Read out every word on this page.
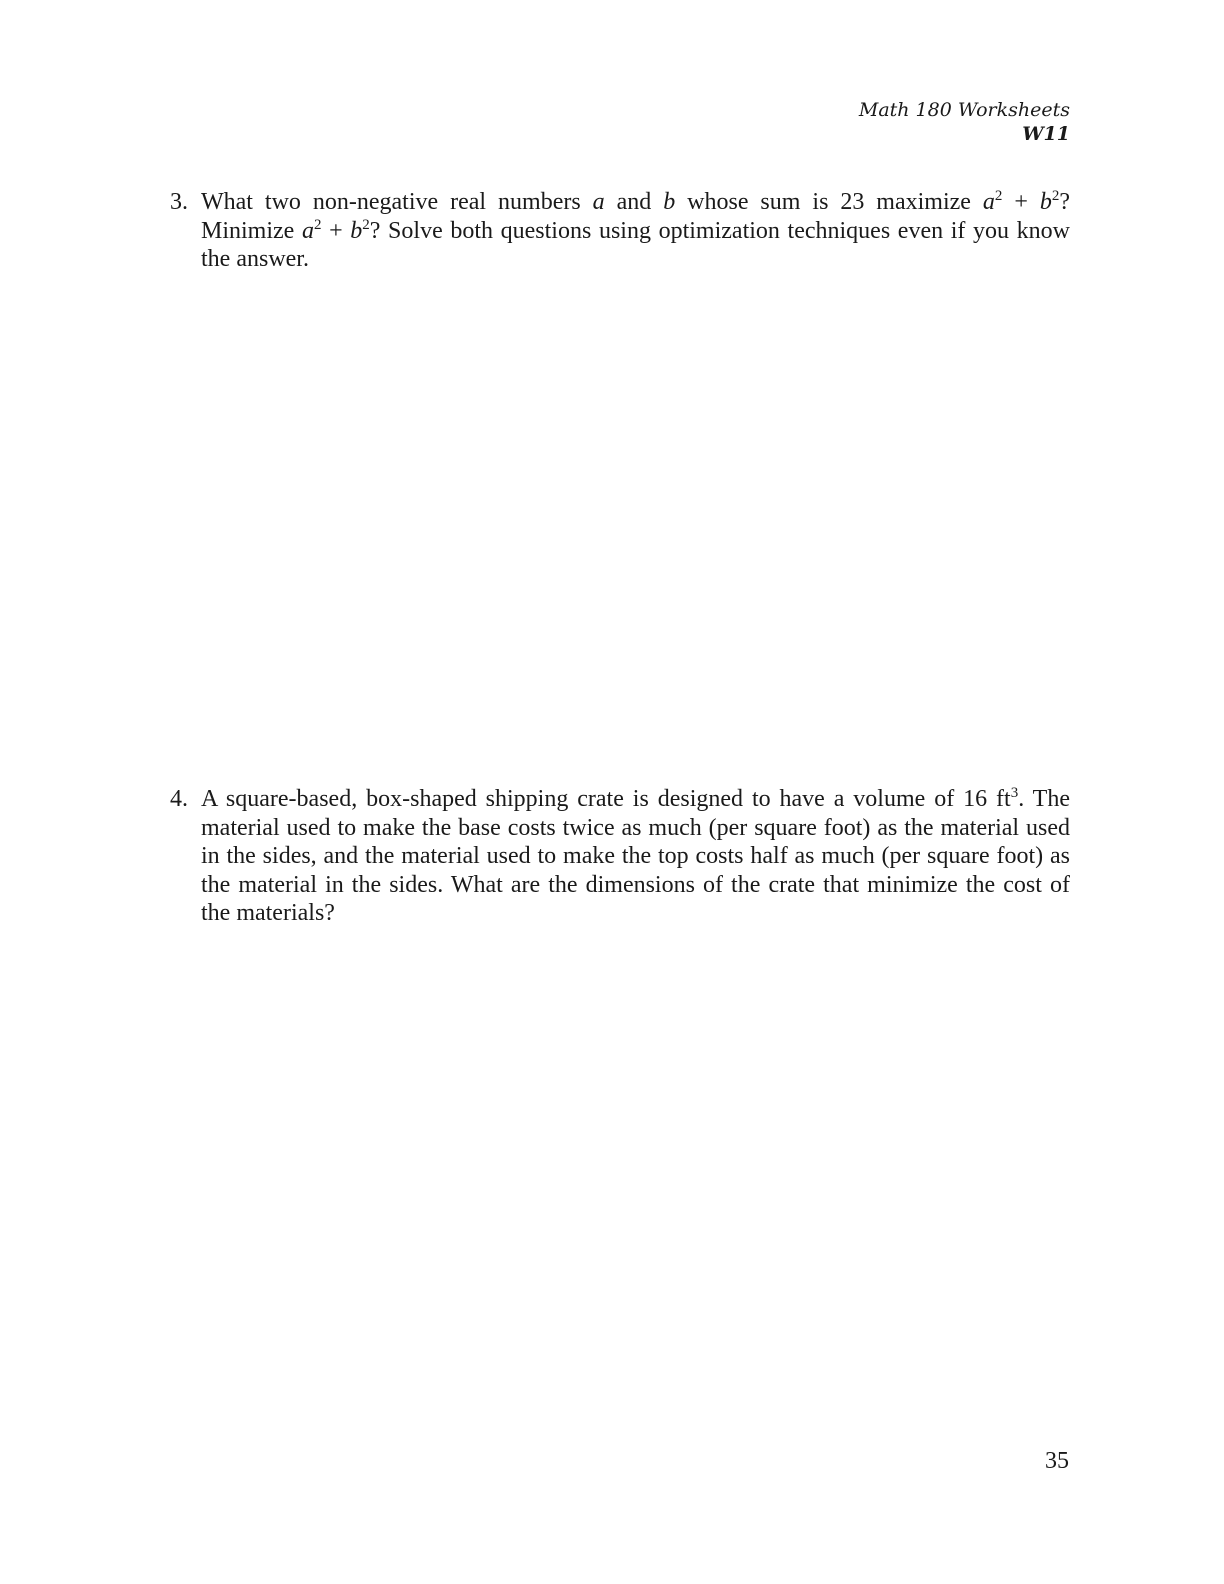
Math 180 Worksheets
W11
3. What two non-negative real numbers a and b whose sum is 23 maximize $a^2 + b^2$? Minimize $a^2 + b^2$? Solve both questions using optimization techniques even if you know the answer.
4. A square-based, box-shaped shipping crate is designed to have a volume of 16 $ft^3$. The material used to make the base costs twice as much (per square foot) as the material used in the sides, and the material used to make the top costs half as much (per square foot) as the material in the sides. What are the dimensions of the crate that minimize the cost of the materials?
35
